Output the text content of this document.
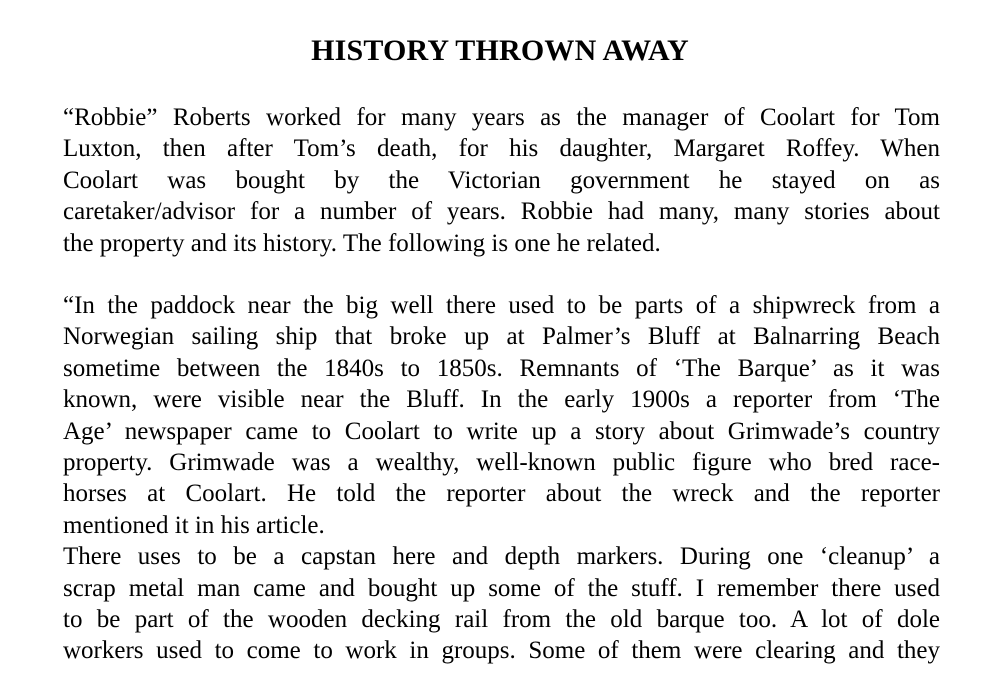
HISTORY THROWN AWAY
“Robbie” Roberts worked for many years as the manager of Coolart for Tom
Luxton, then after Tom’s death, for his daughter, Margaret Roffey. When
Coolart was bought by the Victorian government he stayed on as
caretaker/advisor for a number of years. Robbie had many, many stories about
the property and its history. The following is one he related.
“In the paddock near the big well there used to be parts of a shipwreck from a
Norwegian sailing ship that broke up at Palmer’s Bluff at Balnarring Beach
sometime between the 1840s to 1850s. Remnants of ‘The Barque’ as it was
known, were visible near the Bluff. In the early 1900s a reporter from ‘The
Age’ newspaper came to Coolart to write up a story about Grimwade’s country
property. Grimwade was a wealthy, well-known public figure who bred race-
horses at Coolart. He told the reporter about the wreck and the reporter
mentioned it in his article.
There uses to be a capstan here and depth markers. During one ‘cleanup’ a
scrap metal man came and bought up some of the stuff. I remember there used
to be part of the wooden decking rail from the old barque too. A lot of dole
workers used to come to work in groups. Some of them were clearing and they
